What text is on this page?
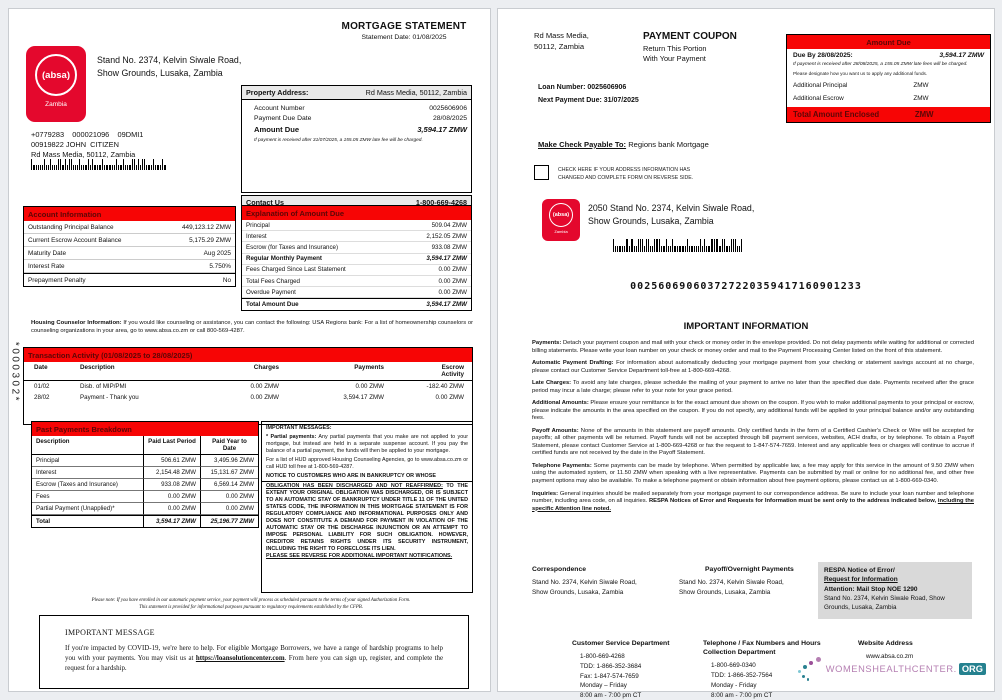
*000302*
MORTGAGE STATEMENT
Statement Date: 01/08/2025
(absa)
Zambia
Stand No. 2374, Kelvin Siwale Road,
Show Grounds, Lusaka, Zambia
+0779283    000021096    09DMI1
00919822 JOHN  CITIZEN
Rd Mass Media, 50112, Zambia
Property Address:	Rd Mass Media, 50112, Zambia
Account Number	0025606906
Payment Due Date	28/08/2025
Amount Due	3,594.17 ZMW
If payment is received after 31/07/2025, a 155.05 ZMW late fee will be charged.
Contact Us	1-800-669-4268
Account Information
Outstanding Principal Balance	449,123.12 ZMW
Current Escrow Account Balance	5,175.29 ZMW
Maturity Date	Aug 2025
Interest Rate	5.750%
Prepayment Penalty	No
Explanation of Amount Due
Principal	509.04 ZMW
Interest	2,152.05 ZMW
Escrow (for Taxes and Insurance)	933.08 ZMW
Regular Monthly Payment	3,594.17 ZMW
Fees Charged Since Last Statement	0.00 ZMW
Total Fees Charged	0.00 ZMW
Overdue Payment	0.00 ZMW
Total Amount Due	3,594.17 ZMW
Housing Counselor Information: If you would like counseling or assistance, you can contact the following: USA Regions bank: For a list of homeownership counselors or counseling organizations in your area, go to www.absa.co.zm or call 800-569-4287.
Transaction Activity (01/08/2025 to 28/08/2025)
Date	Description	Charges	Payments	Escrow
Activity
01/02	Disb. of MIP/PMI	0.00 ZMW	0.00 ZMW	-182.40 ZMW
28/02	Payment - Thank you	0.00 ZMW	3,594.17 ZMW	0.00 ZMW
Past Payments Breakdown
Description	Paid Last Period	Paid Year to Date
Principal	506.61 ZMW	3,495.96 ZMW
Interest	2,154.48 ZMW	15,131.67 ZMW
Escrow (Taxes and Insurance)	933.08 ZMW	6,569.14 ZMW
Fees	0.00 ZMW	0.00 ZMW
Partial Payment (Unapplied)*	0.00 ZMW	0.00 ZMW
Total	3,594.17 ZMW	25,196.77 ZMW

IMPORTANT MESSAGES:

* Partial payments: Any partial payments that you make are not applied to your mortgage, but instead are held in a separate suspense account. If you pay the balance of a partial payment, the funds will then be applied to your mortgage.

For a list of HUD approved Housing Counseling Agencies, go to www.absa.co.zm or call HUD toll free at 1-800-569-4287.

NOTICE TO CUSTOMERS WHO ARE IN BANKRUPTCY OR WHOSE

OBLIGATION HAS BEEN DISCHARGED AND NOT REAFFIRMED: TO THE EXTENT YOUR ORIGINAL OBLIGATION WAS DISCHARGED, OR IS SUBJECT TO AN AUTOMATIC STAY OF BANKRUPTCY UNDER TITLE 11 OF THE UNITED STATES CODE, THE INFORMATION IN THIS MORTGAGE STATEMENT IS FOR REGULATORY COMPLIANCE AND INFORMATIONAL PURPOSES ONLY AND DOES NOT CONSTITUTE A DEMAND FOR PAYMENT IN VIOLATION OF THE AUTOMATIC STAY OR THE DISCHARGE INJUNCTION OR AN ATTEMPT TO IMPOSE PERSONAL LIABILITY FOR SUCH OBLIGATION. HOWEVER, CREDITOR RETAINS RIGHTS UNDER ITS SECURITY INSTRUMENT, INCLUDING THE RIGHT TO FORECLOSE ITS LIEN.

PLEASE SEE REVERSE FOR ADDITIONAL IMPORTANT NOTIFICATIONS.

Please note: If you have enrolled in our automatic payment service, your payment will process as scheduled pursuant to the terms of your signed Authorization Form.
This statement is provided for informational purposes pursuant to regulatory requirements established by the CFPB.
IMPORTANT MESSAGE

If you're impacted by COVID-19, we're here to help. For eligible Mortgage Borrowers, we have a range of hardship programs to help you with your payments. You may visit us at https://loansolutioncenter.com. From here you can sign up, register, and complete the request for a hardship.

Rd Mass Media,
50112, Zambia
PAYMENT COUPON
Return This Portion
With Your Payment
Loan Number: 0025606906
Next Payment Due: 31/07/2025
Amount Due
Due By 28/08/2025:	3,594.17 ZMW
If payment is received after 28/08/2025, a 155.05 ZMW late fees will be charged.
Please designate how you want us to apply any additional funds.
Additional Principal	ZMW
Additional Escrow	ZMW
Total Amount Enclosed	ZMW
Make Check Payable To: Regions bank Mortgage
CHECK HERE IF YOUR ADDRESS INFORMATION HAS
CHANGED AND COMPLETE FORM ON REVERSE SIDE.
(absa)
Zambia
2050 Stand No. 2374, Kelvin Siwale Road,
Show Grounds, Lusaka, Zambia
002560690603727220359417160901233
IMPORTANT INFORMATION

Payments: Detach your payment coupon and mail with your check or money order in the envelope provided. Do not delay payments while waiting for additional or corrected billing statements. Please write your loan number on your check or money order and mail to the Payment Processing Center listed on the front of this statement.

Automatic Payment Drafting: For information about automatically deducting your mortgage payment from your checking or statement savings account at no charge, please contact our Customer Service Department toll-free at 1-800-669-4268.

Late Charges: To avoid any late charges, please schedule the mailing of your payment to arrive no later than the specified due date. Payments received after the grace period may incur a late charge; please refer to your note for your grace period.

Additional Amounts: Please ensure your remittance is for the exact amount due shown on the coupon. If you wish to make additional payments to your principal or escrow, please indicate the amounts in the area specified on the coupon. If you do not specify, any additional funds will be applied to your principal balance and/or any outstanding fees.

Payoff Amounts: None of the amounts in this statement are payoff amounts. Only certified funds in the form of a Certified Cashier's Check or Wire will be accepted for payoffs; all other payments will be returned. Payoff funds will not be accepted through bill payment services, websites, ACH drafts, or by telephone. To obtain a Payoff Statement, please contact Customer Service at 1-800-669-4268 or fax the request to 1-847-574-7659. Interest and any applicable fees or charges will continue to accrue if certified funds are not received by the date in the Payoff Statement.

Telephone Payments: Some payments can be made by telephone. When permitted by applicable law, a fee may apply for this service in the amount of 9.50 ZMW when using the automated system, or 11.50 ZMW when speaking with a live representative. Payments can be submitted by mail or online for no additional fee, and other free payment options may also be available. To make a telephone payment or obtain information about free payment options, please contact us at 1-800-669-0340.

Inquiries: General inquiries should be mailed separately from your mortgage payment to our correspondence address. Be sure to include your loan number and telephone number, including area code, on all inquiries. RESPA Notices of Error and Requests for Information must be sent only to the address indicated below, including the specific Attention line noted.

Correspondence
Stand No. 2374, Kelvin Siwale Road,
Show Grounds, Lusaka, Zambia
Payoff/Overnight Payments
Stand No. 2374, Kelvin Siwale Road,
Show Grounds, Lusaka, Zambia
RESPA Notice of Error/
Request for Information
Attention: Mail Stop NOE 1290
Stand No. 2374, Kelvin Siwale Road, Show
Grounds, Lusaka, Zambia
Customer Service Department
1-800-669-4268
TDD: 1-866-352-3684
Fax: 1-847-574-7659
Monday – Friday
8:00 am - 7:00 pm CT
Telephone / Fax Numbers and Hours
Collection Department
1-800-669-0340
TDD: 1-866-352-7564
Monday - Friday
8:00 am - 7:00 pm CT
Website Address
www.absa.co.zm
WOMENSHEALTHCENTER. ORG
